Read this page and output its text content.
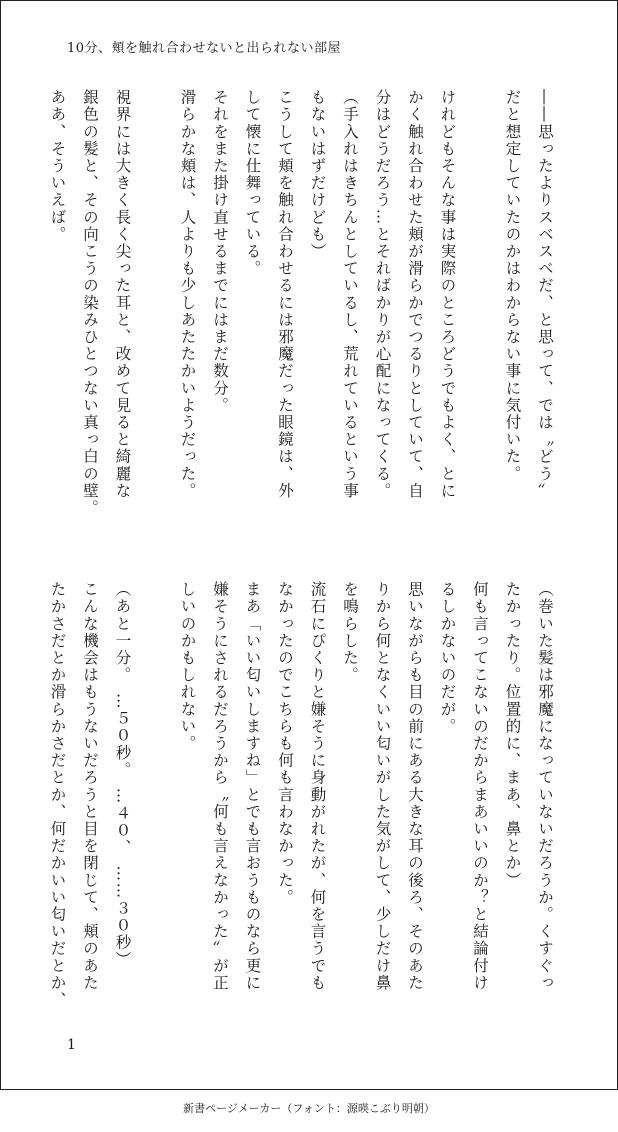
10分、頬を触れ合わせないと出られない部屋

――思ったよりスベスベだ、と思って、では〝どう〟

だと想定していたのかはわからない事に気付いた。

けれどもそんな事は実際のところどうでもよく、とに

かく触れ合わせた頬が滑らかでつるりとしていて、自

分はどうだろう…とそればかりが心配になってくる。

（手入れはきちんとしているし、荒れているという事

もないはずだけども）

こうして頬を触れ合わせるには邪魔だった眼鏡は、外

して懐に仕舞っている。

それをまた掛け直せるまでにはまだ数分。

滑らかな頬は、人よりも少しあたたかいようだった。

視界には大きく長く尖った耳と、改めて見ると綺麗な

銀色の髪と、その向こうの染みひとつない真っ白の壁。

ああ、そういえば。

（巻いた髪は邪魔になっていないだろうか。くすぐっ

たかったり。位置的に、まあ、鼻とか）

何も言ってこないのだからまあいいのか？と結論付け

るしかないのだが。

思いながらも目の前にある大きな耳の後ろ、そのあた

りから何となくいい匂いがした気がして、少しだけ鼻

を鳴らした。

流石にぴくりと嫌そうに身動がれたが、何を言うでも

なかったのでこちらも何も言わなかった。

まあ「いい匂いしますね」とでも言おうものなら更に

嫌そうにされるだろうから〝何も言えなかった〟が正

しいのかもしれない。

（あと一分。　…５０秒。　…４０、　……３０秒）

こんな機会はもうないだろうと目を閉じて、頬のあた

たかさだとか滑らかさだとか、何だかいい匂いだとか、

1
新書ページメーカー（フォント：源暎こぶり明朝）
